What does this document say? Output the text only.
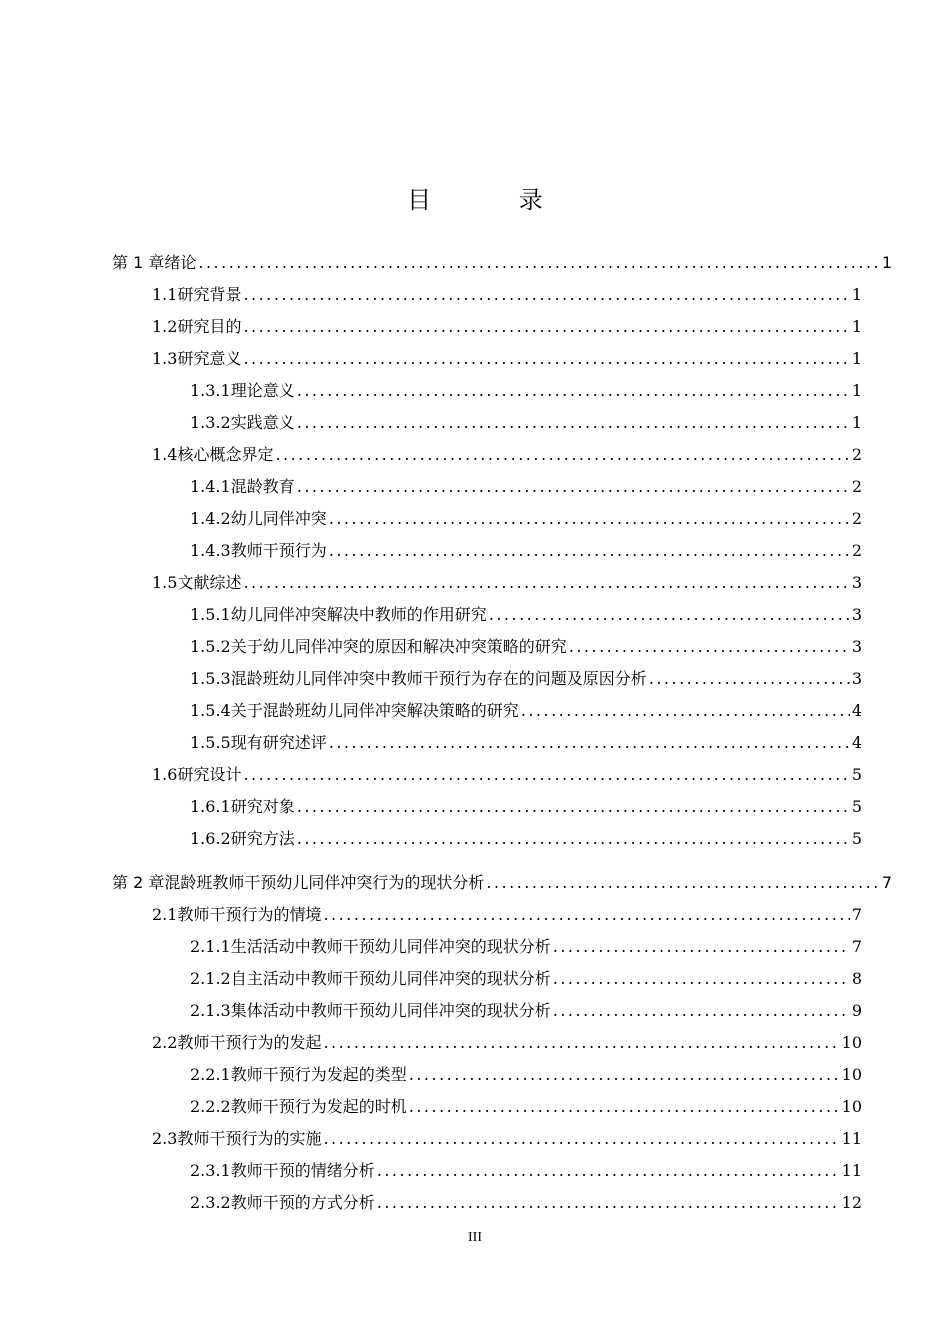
目 录
第 1 章 绪论 .....	1
1.1 研究背景 .....	1
1.2 研究目的 .....	1
1.3 研究意义 .....	1
1.3.1 理论意义 .....	1
1.3.2 实践意义 .....	1
1.4 核心概念界定 .....	2
1.4.1 混龄教育 .....	2
1.4.2 幼儿同伴冲突 .....	2
1.4.3 教师干预行为 .....	2
1.5 文献综述 .....	3
1.5.1 幼儿同伴冲突解决中教师的作用研究 .....	3
1.5.2 关于幼儿同伴冲突的原因和解决冲突策略的研究 .....	3
1.5.3 混龄班幼儿同伴冲突中教师干预行为存在的问题及原因分析 .....	3
1.5.4 关于混龄班幼儿同伴冲突解决策略的研究 .....	4
1.5.5 现有研究述评 .....	4
1.6 研究设计 .....	5
1.6.1 研究对象 .....	5
1.6.2 研究方法 .....	5
第 2 章 混龄班教师干预幼儿同伴冲突行为的现状分析 .....	7
2.1 教师干预行为的情境 .....	7
2.1.1 生活活动中教师干预幼儿同伴冲突的现状分析 .....	7
2.1.2 自主活动中教师干预幼儿同伴冲突的现状分析 .....	8
2.1.3 集体活动中教师干预幼儿同伴冲突的现状分析 .....	9
2.2 教师干预行为的发起 .....	10
2.2.1 教师干预行为发起的类型 .....	10
2.2.2 教师干预行为发起的时机 .....	10
2.3 教师干预行为的实施 .....	11
2.3.1 教师干预的情绪分析 .....	11
2.3.2 教师干预的方式分析 .....	12
III
